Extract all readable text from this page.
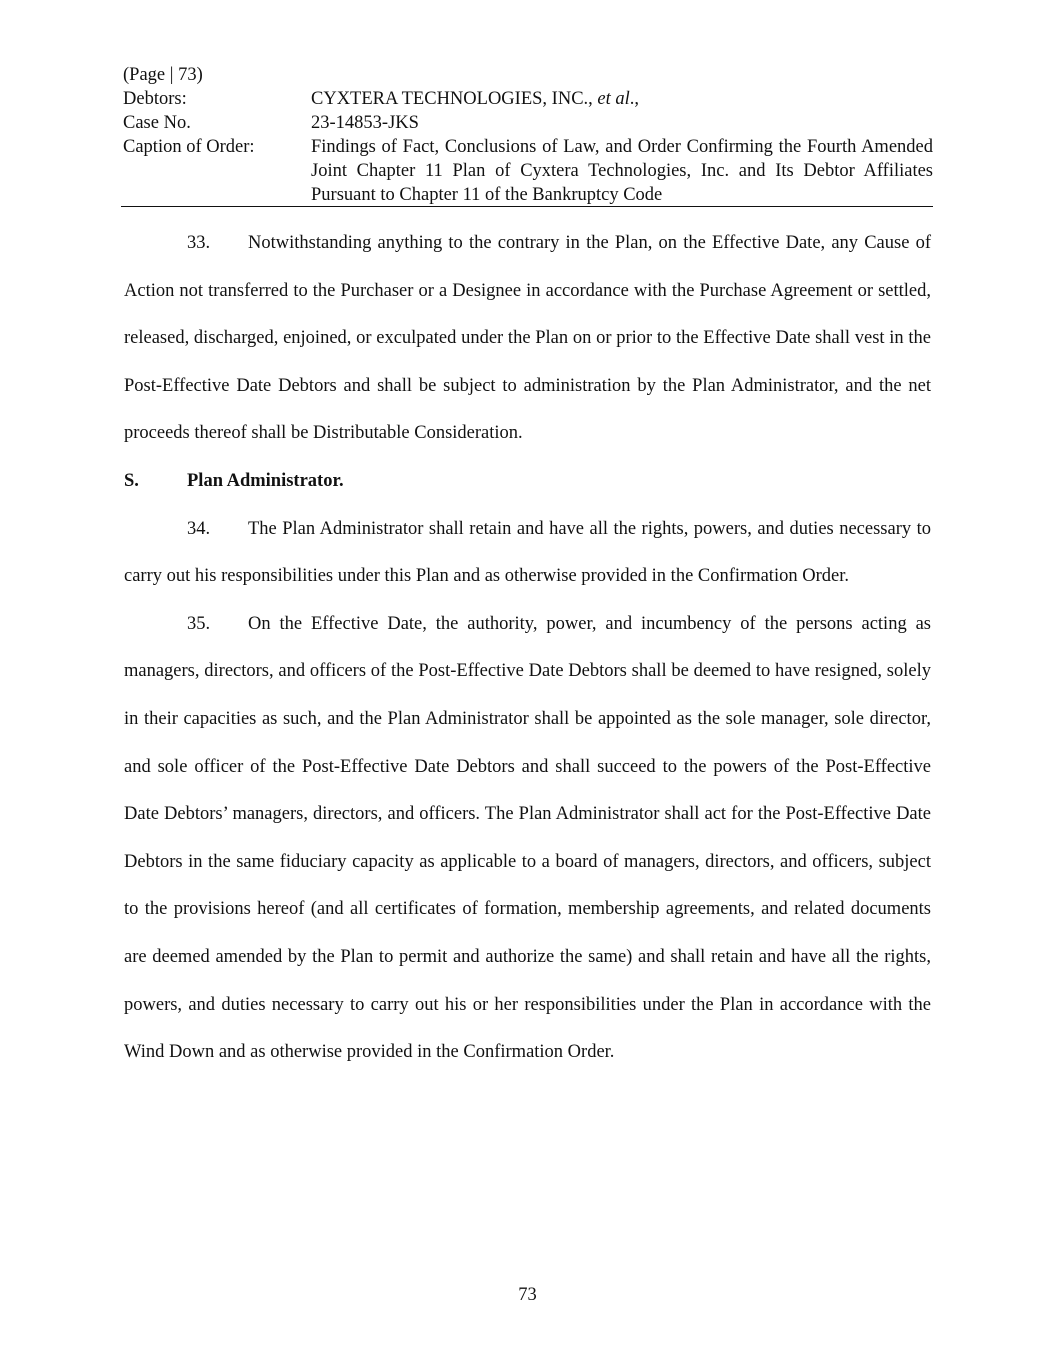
(Page | 73)
Debtors:	CYXTERA TECHNOLOGIES, INC., et al.,
Case No.	23-14853-JKS
Caption of Order:	Findings of Fact, Conclusions of Law, and Order Confirming the Fourth Amended Joint Chapter 11 Plan of Cyxtera Technologies, Inc. and Its Debtor Affiliates Pursuant to Chapter 11 of the Bankruptcy Code

33. Notwithstanding anything to the contrary in the Plan, on the Effective Date, any Cause of Action not transferred to the Purchaser or a Designee in accordance with the Purchase Agreement or settled, released, discharged, enjoined, or exculpated under the Plan on or prior to the Effective Date shall vest in the Post-Effective Date Debtors and shall be subject to administration by the Plan Administrator, and the net proceeds thereof shall be Distributable Consideration.

S.	Plan Administrator.

34. The Plan Administrator shall retain and have all the rights, powers, and duties necessary to carry out his responsibilities under this Plan and as otherwise provided in the Confirmation Order.

35. On the Effective Date, the authority, power, and incumbency of the persons acting as managers, directors, and officers of the Post-Effective Date Debtors shall be deemed to have resigned, solely in their capacities as such, and the Plan Administrator shall be appointed as the sole manager, sole director, and sole officer of the Post-Effective Date Debtors and shall succeed to the powers of the Post-Effective Date Debtors’ managers, directors, and officers. The Plan Administrator shall act for the Post-Effective Date Debtors in the same fiduciary capacity as applicable to a board of managers, directors, and officers, subject to the provisions hereof (and all certificates of formation, membership agreements, and related documents are deemed amended by the Plan to permit and authorize the same) and shall retain and have all the rights, powers, and duties necessary to carry out his or her responsibilities under the Plan in accordance with the Wind Down and as otherwise provided in the Confirmation Order.

73
